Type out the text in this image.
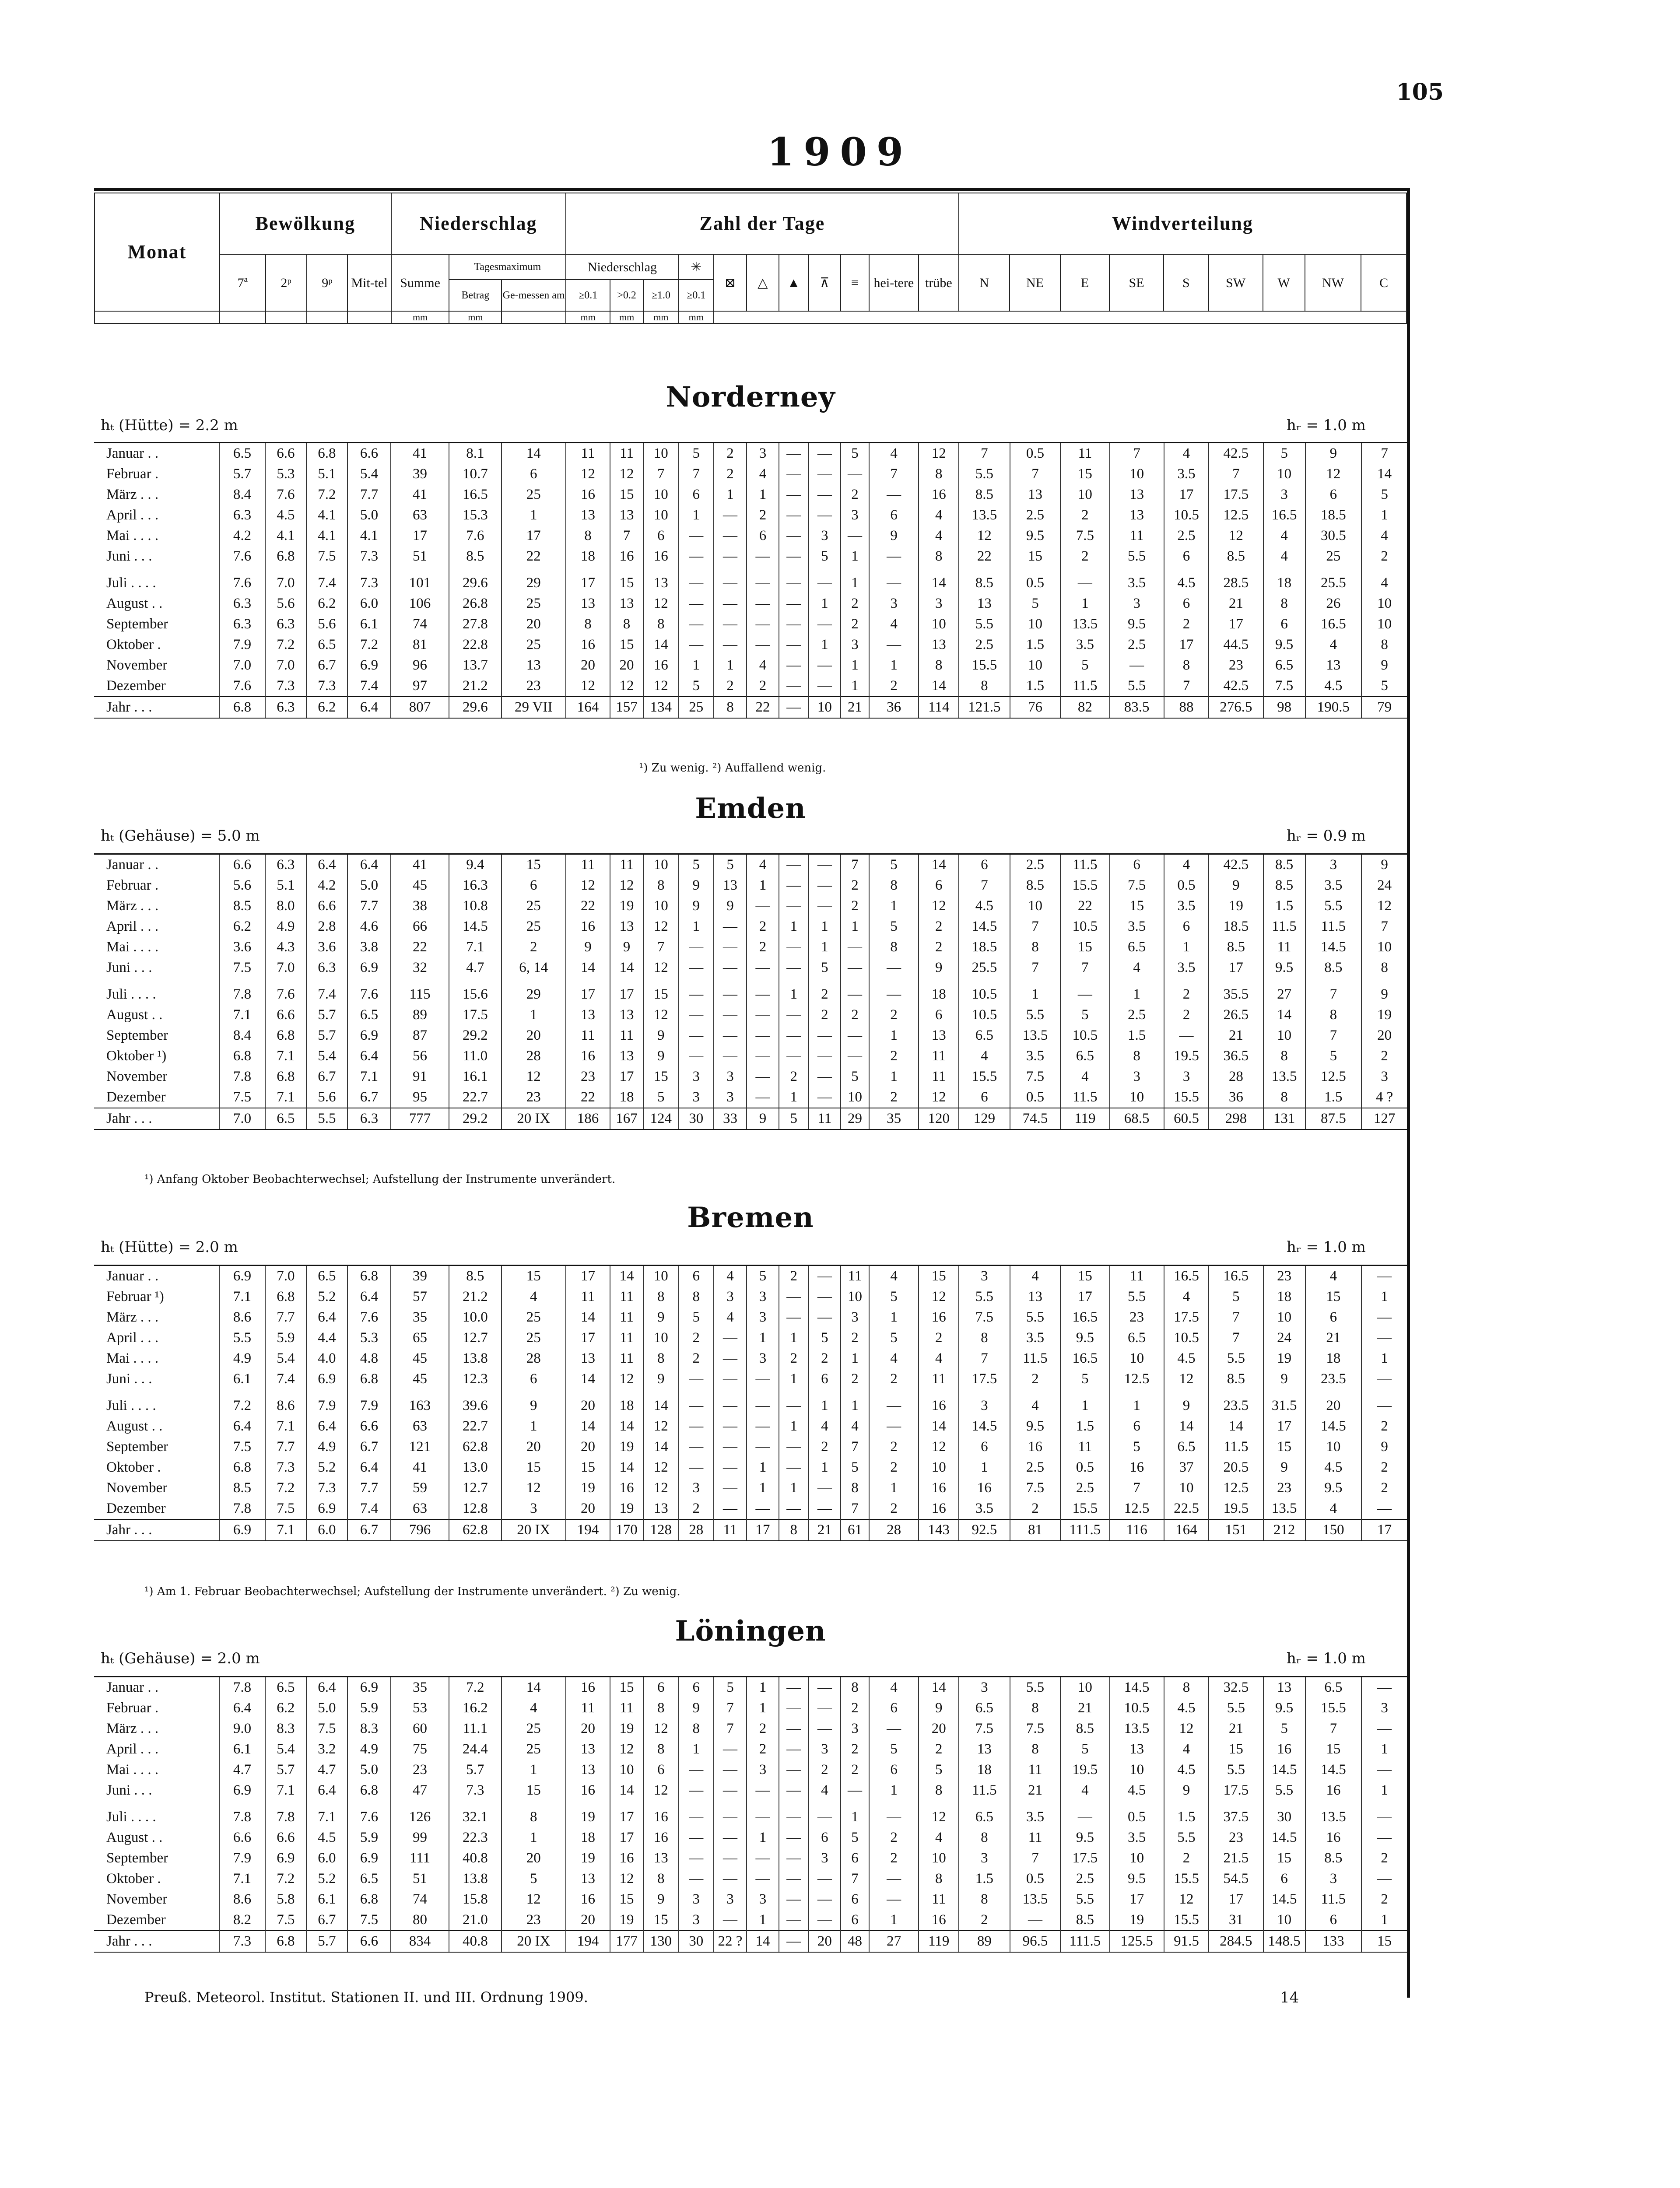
105
1909
Monat	Bewölkung				Niederschlag			Zahl der Tage											Windverteilung								
	7ª	2ᵖ	9ᵖ	Mit-tel	Summe	Tagesmaximum		Niederschlag			✳	⊠	△	▲	⊼	≡	hei-tere	trübe	N	NE	E	SE	S	SW	W	NW	C
						Betrag	Ge-messen am	≥0.1	>0.2	≥1.0	≥0.1																
					mm	mm		mm	mm	mm	mm																
Norderney
hₜ (Hütte) = 2.2 m	hᵣ = 1.0 m
Januar . .	6.5	6.6	6.8	6.6	41	8.1	14	11	11	10	5	2	3	—	—	5	4	12	7	0.5	11	7	4	42.5	5	9	7
Februar .	5.7	5.3	5.1	5.4	39	10.7	6	12	12	7	7	2	4	—	—	—	7	8	5.5	7	15	10	3.5	7	10	12	14
März . . .	8.4	7.6	7.2	7.7	41	16.5	25	16	15	10	6	1	1	—	—	2	—	16	8.5	13	10	13	17	17.5	3	6	5
April . . .	6.3	4.5	4.1	5.0	63	15.3	1	13	13	10	1	—	2	—	—	3	6	4	13.5	2.5	2	13	10.5	12.5	16.5	18.5	1
Mai . . . .	4.2	4.1	4.1	4.1	17	7.6	17	8	7	6	—	—	6	—	3	—	9	4	12	9.5	7.5	11	2.5	12	4	30.5	4
Juni . . .	7.6	6.8	7.5	7.3	51	8.5	22	18	16	16	—	—	—	—	5	1	—	8	22	15	2	5.5	6	8.5	4	25	2
Juli . . . .	7.6	7.0	7.4	7.3	101	29.6	29	17	15	13	—	—	—	—	—	1	—	14	8.5	0.5	—	3.5	4.5	28.5	18	25.5	4
August . .	6.3	5.6	6.2	6.0	106	26.8	25	13	13	12	—	—	—	—	1	2	3	3	13	5	1	3	6	21	8	26	10
September	6.3	6.3	5.6	6.1	74	27.8	20	8	8	8	—	—	—	—	—	2	4	10	5.5	10	13.5	9.5	2	17	6	16.5	10
Oktober .	7.9	7.2	6.5	7.2	81	22.8	25	16	15	14	—	—	—	—	1	3	—	13	2.5	1.5	3.5	2.5	17	44.5	9.5	4	8
November	7.0	7.0	6.7	6.9	96	13.7	13	20	20	16	1	1	4	—	—	1	1	8	15.5	10	5	—	8	23	6.5	13	9
Dezember	7.6	7.3	7.3	7.4	97	21.2	23	12	12	12	5	2	2	—	—	1	2	14	8	1.5	11.5	5.5	7	42.5	7.5	4.5	5
Jahr . . .	6.8	6.3	6.2	6.4	807	29.6	29 VII	164	157	134	25	8	22	—	10	21	36	114	121.5	76	82	83.5	88	276.5	98	190.5	79
¹) Zu wenig. ²) Auffallend wenig.
Emden
hₜ (Gehäuse) = 5.0 m	hᵣ = 0.9 m
Januar . .	6.6	6.3	6.4	6.4	41	9.4	15	11	11	10	5	5	4	—	—	7	5	14	6	2.5	11.5	6	4	42.5	8.5	3	9
Februar .	5.6	5.1	4.2	5.0	45	16.3	6	12	12	8	9	13	1	—	—	2	8	6	7	8.5	15.5	7.5	0.5	9	8.5	3.5	24
März . . .	8.5	8.0	6.6	7.7	38	10.8	25	22	19	10	9	9	—	—	—	2	1	12	4.5	10	22	15	3.5	19	1.5	5.5	12
April . . .	6.2	4.9	2.8	4.6	66	14.5	25	16	13	12	1	—	2	1	1	1	5	2	14.5	7	10.5	3.5	6	18.5	11.5	11.5	7
Mai . . . .	3.6	4.3	3.6	3.8	22	7.1	2	9	9	7	—	—	2	—	1	—	8	2	18.5	8	15	6.5	1	8.5	11	14.5	10
Juni . . .	7.5	7.0	6.3	6.9	32	4.7	6, 14	14	14	12	—	—	—	—	5	—	—	9	25.5	7	7	4	3.5	17	9.5	8.5	8
Juli . . . .	7.8	7.6	7.4	7.6	115	15.6	29	17	17	15	—	—	—	1	2	—	—	18	10.5	1	—	1	2	35.5	27	7	9
August . .	7.1	6.6	5.7	6.5	89	17.5	1	13	13	12	—	—	—	—	2	2	2	6	10.5	5.5	5	2.5	2	26.5	14	8	19
September	8.4	6.8	5.7	6.9	87	29.2	20	11	11	9	—	—	—	—	—	—	1	13	6.5	13.5	10.5	1.5	—	21	10	7	20
Oktober ¹)	6.8	7.1	5.4	6.4	56	11.0	28	16	13	9	—	—	—	—	—	—	2	11	4	3.5	6.5	8	19.5	36.5	8	5	2
November	7.8	6.8	6.7	7.1	91	16.1	12	23	17	15	3	3	—	2	—	5	1	11	15.5	7.5	4	3	3	28	13.5	12.5	3
Dezember	7.5	7.1	5.6	6.7	95	22.7	23	22	18	5	3	3	—	1	—	10	2	12	6	0.5	11.5	10	15.5	36	8	1.5	4 ?
Jahr . . .	7.0	6.5	5.5	6.3	777	29.2	20 IX	186	167	124	30	33	9	5	11	29	35	120	129	74.5	119	68.5	60.5	298	131	87.5	127
¹) Anfang Oktober Beobachterwechsel; Aufstellung der Instrumente unverändert.
Bremen
hₜ (Hütte) = 2.0 m	hᵣ = 1.0 m
Januar . .	6.9	7.0	6.5	6.8	39	8.5	15	17	14	10	6	4	5	2	—	11	4	15	3	4	15	11	16.5	16.5	23	4	—
Februar ¹)	7.1	6.8	5.2	6.4	57	21.2	4	11	11	8	8	3	3	—	—	10	5	12	5.5	13	17	5.5	4	5	18	15	1
März . . .	8.6	7.7	6.4	7.6	35	10.0	25	14	11	9	5	4	3	—	—	3	1	16	7.5	5.5	16.5	23	17.5	7	10	6	—
April . . .	5.5	5.9	4.4	5.3	65	12.7	25	17	11	10	2	—	1	1	5	2	5	2	8	3.5	9.5	6.5	10.5	7	24	21	—
Mai . . . .	4.9	5.4	4.0	4.8	45	13.8	28	13	11	8	2	—	3	2	2	1	4	4	7	11.5	16.5	10	4.5	5.5	19	18	1
Juni . . .	6.1	7.4	6.9	6.8	45	12.3	6	14	12	9	—	—	—	1	6	2	2	11	17.5	2	5	12.5	12	8.5	9	23.5	—
Juli . . . .	7.2	8.6	7.9	7.9	163	39.6	9	20	18	14	—	—	—	—	1	1	—	16	3	4	1	1	9	23.5	31.5	20	—
August . .	6.4	7.1	6.4	6.6	63	22.7	1	14	14	12	—	—	—	1	4	4	—	14	14.5	9.5	1.5	6	14	14	17	14.5	2
September	7.5	7.7	4.9	6.7	121	62.8	20	20	19	14	—	—	—	—	2	7	2	12	6	16	11	5	6.5	11.5	15	10	9
Oktober .	6.8	7.3	5.2	6.4	41	13.0	15	15	14	12	—	—	1	—	1	5	2	10	1	2.5	0.5	16	37	20.5	9	4.5	2
November	8.5	7.2	7.3	7.7	59	12.7	12	19	16	12	3	—	1	1	—	8	1	16	16	7.5	2.5	7	10	12.5	23	9.5	2
Dezember	7.8	7.5	6.9	7.4	63	12.8	3	20	19	13	2	—	—	—	—	7	2	16	3.5	2	15.5	12.5	22.5	19.5	13.5	4	—
Jahr . . .	6.9	7.1	6.0	6.7	796	62.8	20 IX	194	170	128	28	11	17	8	21	61	28	143	92.5	81	111.5	116	164	151	212	150	17
¹) Am 1. Februar Beobachterwechsel; Aufstellung der Instrumente unverändert. ²) Zu wenig.
Löningen
hₜ (Gehäuse) = 2.0 m	hᵣ = 1.0 m
Januar . .	7.8	6.5	6.4	6.9	35	7.2	14	16	15	6	6	5	1	—	—	8	4	14	3	5.5	10	14.5	8	32.5	13	6.5	—
Februar .	6.4	6.2	5.0	5.9	53	16.2	4	11	11	8	9	7	1	—	—	2	6	9	6.5	8	21	10.5	4.5	5.5	9.5	15.5	3
März . . .	9.0	8.3	7.5	8.3	60	11.1	25	20	19	12	8	7	2	—	—	3	—	20	7.5	7.5	8.5	13.5	12	21	5	7	—
April . . .	6.1	5.4	3.2	4.9	75	24.4	25	13	12	8	1	—	2	—	3	2	5	2	13	8	5	13	4	15	16	15	1
Mai . . . .	4.7	5.7	4.7	5.0	23	5.7	1	13	10	6	—	—	3	—	2	2	6	5	18	11	19.5	10	4.5	5.5	14.5	14.5	—
Juni . . .	6.9	7.1	6.4	6.8	47	7.3	15	16	14	12	—	—	—	—	4	—	1	8	11.5	21	4	4.5	9	17.5	5.5	16	1
Juli . . . .	7.8	7.8	7.1	7.6	126	32.1	8	19	17	16	—	—	—	—	—	1	—	12	6.5	3.5	—	0.5	1.5	37.5	30	13.5	—
August . .	6.6	6.6	4.5	5.9	99	22.3	1	18	17	16	—	—	1	—	6	5	2	4	8	11	9.5	3.5	5.5	23	14.5	16	—
September	7.9	6.9	6.0	6.9	111	40.8	20	19	16	13	—	—	—	—	3	6	2	10	3	7	17.5	10	2	21.5	15	8.5	2
Oktober .	7.1	7.2	5.2	6.5	51	13.8	5	13	12	8	—	—	—	—	—	7	—	8	1.5	0.5	2.5	9.5	15.5	54.5	6	3	—
November	8.6	5.8	6.1	6.8	74	15.8	12	16	15	9	3	3	3	—	—	6	—	11	8	13.5	5.5	17	12	17	14.5	11.5	2
Dezember	8.2	7.5	6.7	7.5	80	21.0	23	20	19	15	3	—	1	—	—	6	1	16	2	—	8.5	19	15.5	31	10	6	1
Jahr . . .	7.3	6.8	5.7	6.6	834	40.8	20 IX	194	177	130	30	22 ?	14	—	20	48	27	119	89	96.5	111.5	125.5	91.5	284.5	148.5	133	15
Preuß. Meteorol. Institut. Stationen II. und III. Ordnung 1909.	14
